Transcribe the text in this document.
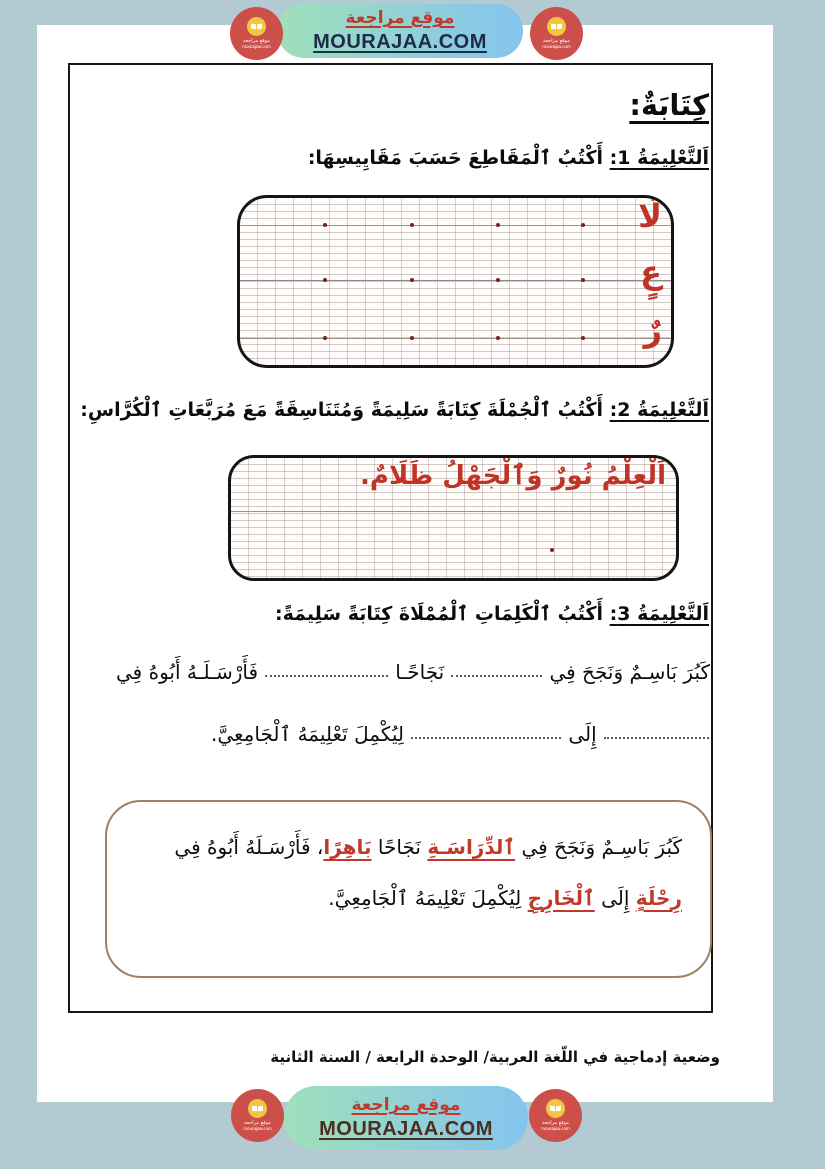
موقع مراجعة
MOURAJAA.COM
موقع مراجعة
mourajaa.com
موقع مراجعة
mourajaa.com
كِتَابَةٌ:
اَلتَّعْلِيمَةُ 1: أَكْتُبُ ٱلْمَقَاطِعَ حَسَبَ مَقَايِيسِهَا:
لَا
عٍ
رٌ
اَلتَّعْلِيمَةُ 2: أَكْتُبُ ٱلْجُمْلَةَ كِتَابَةً سَلِيمَةً وَمُتَنَاسِقَةً مَعَ مُرَبَّعَاتِ ٱلْكُرَّاسِ:
اَلْعِلْمُ نُورٌ وَٱلْجَهْلُ ظَلَامٌ.
اَلتَّعْلِيمَةُ 3: أَكْتُبُ ٱلْكَلِمَاتِ ٱلْمُمْلَاةَ كِتَابَةً سَلِيمَةً:
كَبُرَ بَاسِـمٌ وَنَجَحَ فِي
نَجَاحًـا
فَأَرْسَـلَـهُ أَبُوهُ فِي
إِلَى
لِيُكْمِلَ تَعْلِيمَهُ ٱلْجَامِعِيَّ.
كَبُرَ بَاسِـمٌ وَنَجَحَ فِي ٱلدِّرَاسَـةِ نَجَاحًا بَاهِرًا، فَأَرْسَـلَهُ أَبُوهُ فِي رِحْلَةٍ إِلَى ٱلْخَارِجِ لِيُكْمِلَ تَعْلِيمَهُ ٱلْجَامِعِيَّ.
وضعية إدماجية في اللّغة العربية/ الوحدة الرابعة / السنة الثانية
موقع مراجعة
MOURAJAA.COM
موقع مراجعة
mourajaa.com
موقع مراجعة
mourajaa.com
